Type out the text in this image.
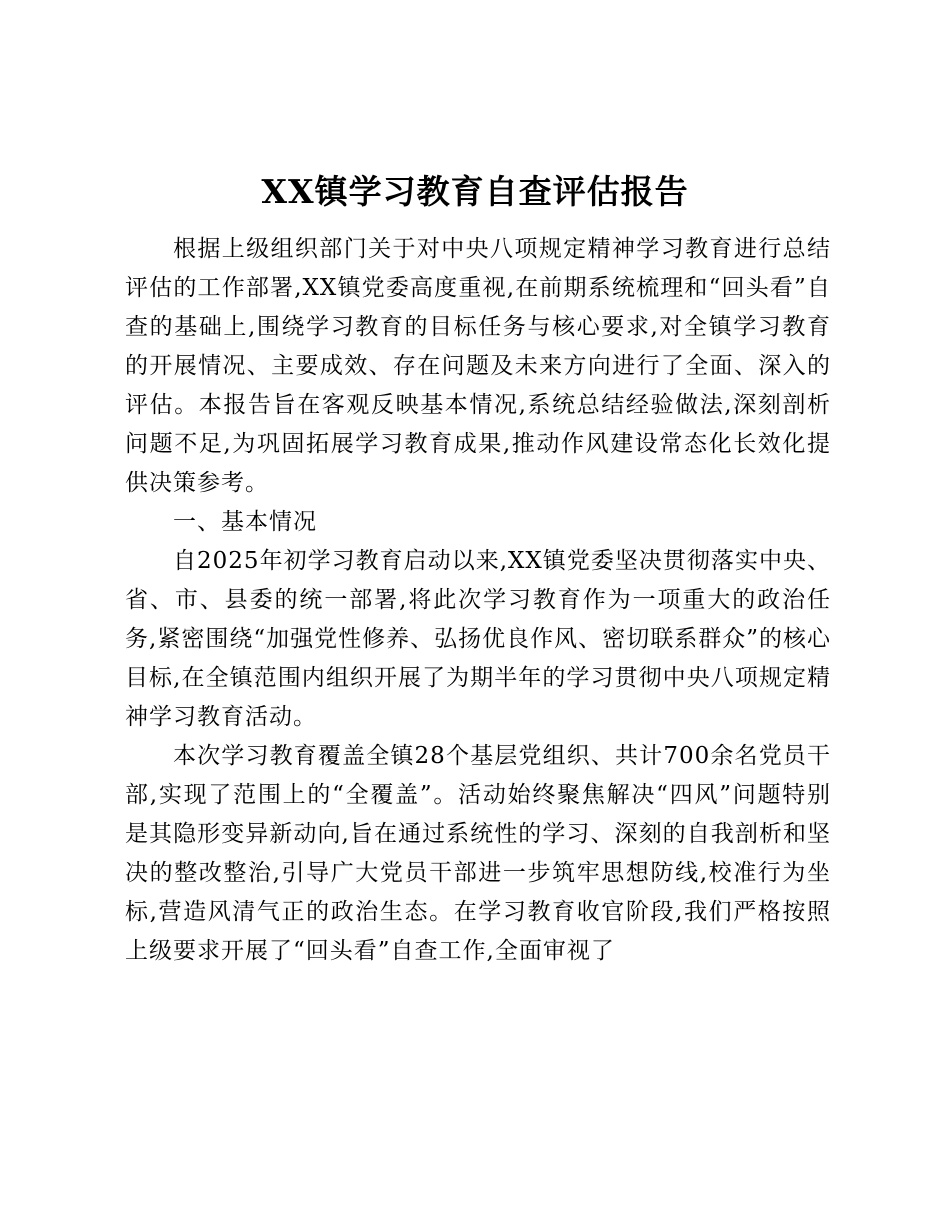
XX镇学习教育自查评估报告

根据上级组织部门关于对中央八项规定精神学习教育进行总结评估的工作部署,XX镇党委高度重视,在前期系统梳理和“回头看”自查的基础上,围绕学习教育的目标任务与核心要求,对全镇学习教育的开展情况、主要成效、存在问题及未来方向进行了全面、深入的评估。本报告旨在客观反映基本情况,系统总结经验做法,深刻剖析问题不足,为巩固拓展学习教育成果,推动作风建设常态化长效化提供决策参考。

一、基本情况

自2025年初学习教育启动以来,XX镇党委坚决贯彻落实中央、省、市、县委的统一部署,将此次学习教育作为一项重大的政治任务,紧密围绕“加强党性修养、弘扬优良作风、密切联系群众”的核心目标,在全镇范围内组织开展了为期半年的学习贯彻中央八项规定精神学习教育活动。

本次学习教育覆盖全镇28个基层党组织、共计700余名党员干部,实现了范围上的“全覆盖”。活动始终聚焦解决“四风”问题特别是其隐形变异新动向,旨在通过系统性的学习、深刻的自我剖析和坚决的整改整治,引导广大党员干部进一步筑牢思想防线,校准行为坐标,营造风清气正的政治生态。在学习教育收官阶段,我们严格按照上级要求开展了“回头看”自查工作,全面审视了
